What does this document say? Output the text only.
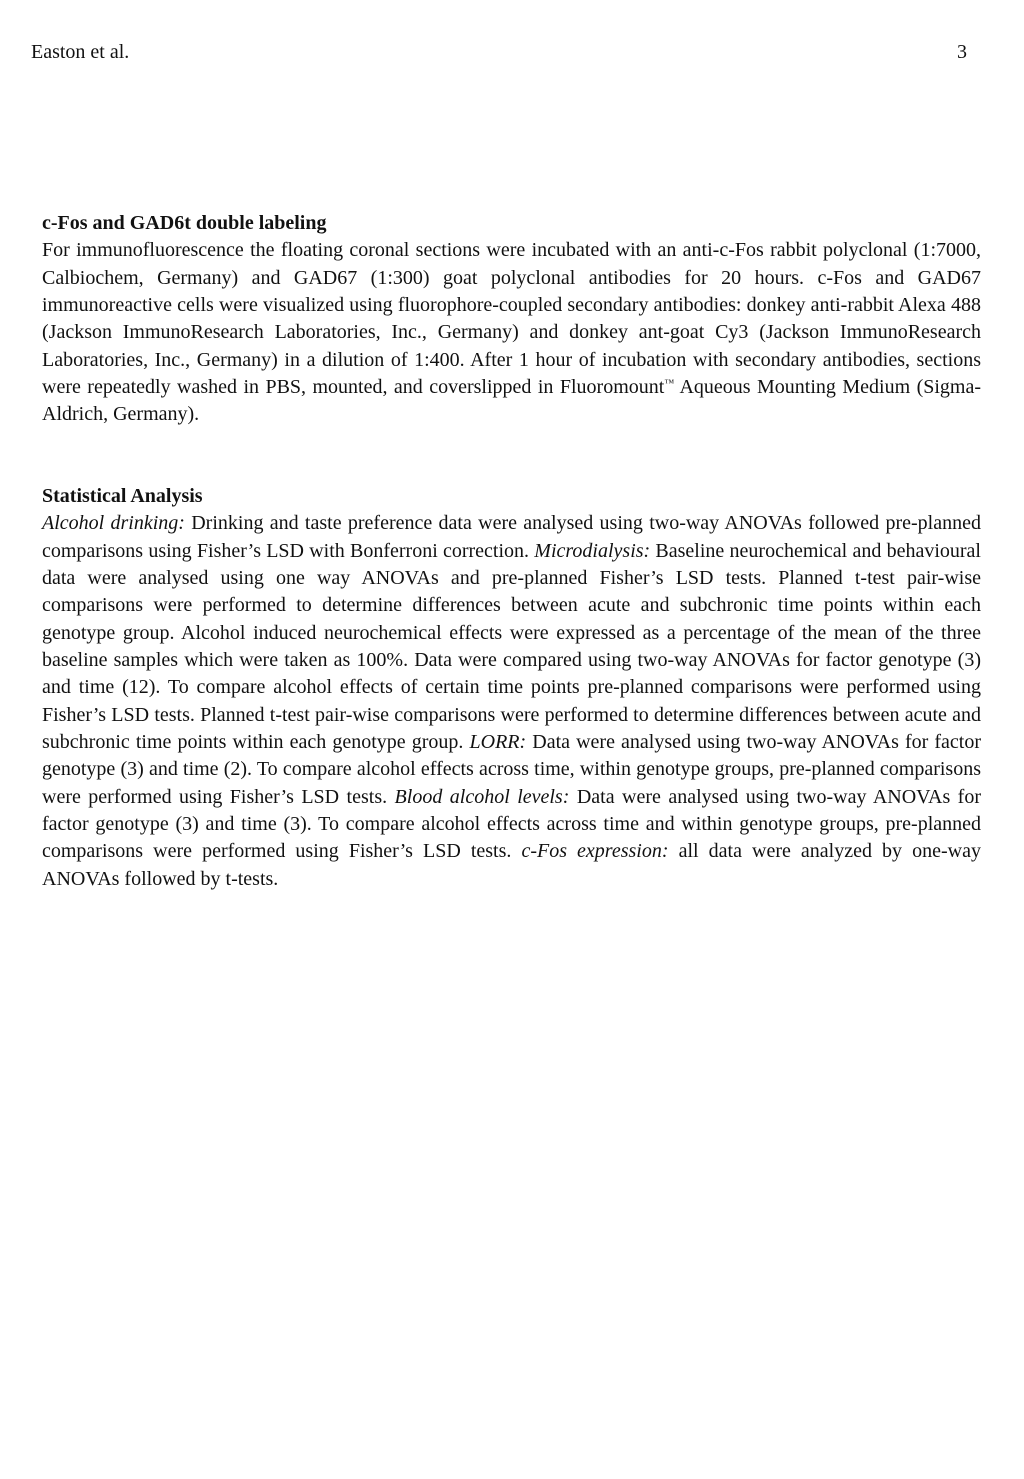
Easton et al.	3
c-Fos and GAD6t double labeling

For immunofluorescence the floating coronal sections were incubated with an anti-c-Fos rabbit polyclonal (1:7000, Calbiochem, Germany) and GAD67 (1:300) goat polyclonal antibodies for 20 hours. c-Fos and GAD67 immunoreactive cells were visualized using fluorophore-coupled secondary antibodies: donkey anti-rabbit Alexa 488 (Jackson ImmunoResearch Laboratories, Inc., Germany) and donkey ant-goat Cy3 (Jackson ImmunoResearch Laboratories, Inc., Germany) in a dilution of 1:400. After 1 hour of incubation with secondary antibodies, sections were repeatedly washed in PBS, mounted, and coverslipped in Fluoromount™ Aqueous Mounting Medium (Sigma-Aldrich, Germany).

Statistical Analysis

Alcohol drinking: Drinking and taste preference data were analysed using two-way ANOVAs followed pre-planned comparisons using Fisher’s LSD with Bonferroni correction. Microdialysis: Baseline neurochemical and behavioural data were analysed using one way ANOVAs and pre-planned Fisher’s LSD tests. Planned t-test pair-wise comparisons were performed to determine differences between acute and subchronic time points within each genotype group. Alcohol induced neurochemical effects were expressed as a percentage of the mean of the three baseline samples which were taken as 100%. Data were compared using two-way ANOVAs for factor genotype (3) and time (12). To compare alcohol effects of certain time points pre-planned comparisons were performed using Fisher’s LSD tests. Planned t-test pair-wise comparisons were performed to determine differences between acute and subchronic time points within each genotype group. LORR: Data were analysed using two-way ANOVAs for factor genotype (3) and time (2). To compare alcohol effects across time, within genotype groups, pre-planned comparisons were performed using Fisher’s LSD tests. Blood alcohol levels: Data were analysed using two-way ANOVAs for factor genotype (3) and time (3). To compare alcohol effects across time and within genotype groups, pre-planned comparisons were performed using Fisher’s LSD tests. c-Fos expression: all data were analyzed by one-way ANOVAs followed by t-tests.
